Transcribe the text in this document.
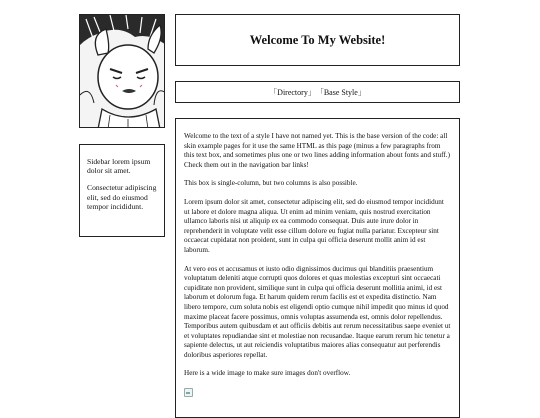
Sidebar lorem ipsum dolor sit amet.

Consectetur adipiscing elit, sed do eiusmod tempor incididunt.

Welcome To My Website!
「Directory」 「Base Style」

Welcome to the text of a style I have not named yet. This is the base version of the code: all skin example pages for it use the same HTML as this page (minus a few paragraphs from this text box, and sometimes plus one or two lines adding information about fonts and stuff.) Check them out in the navigation bar links!

This box is single-column, but two columns is also possible.

Lorem ipsum dolor sit amet, consectetur adipiscing elit, sed do eiusmod tempor incididunt ut labore et dolore magna aliqua. Ut enim ad minim veniam, quis nostrud exercitation ullamco laboris nisi ut aliquip ex ea commodo consequat. Duis aute irure dolor in reprehenderit in voluptate velit esse cillum dolore eu fugiat nulla pariatur. Excepteur sint occaecat cupidatat non proident, sunt in culpa qui officia deserunt mollit anim id est laborum.

At vero eos et accusamus et iusto odio dignissimos ducimus qui blanditiis praesentium voluptatum deleniti atque corrupti quos dolores et quas molestias excepturi sint occaecati cupiditate non provident, similique sunt in culpa qui officia deserunt mollitia animi, id est laborum et dolorum fuga. Et harum quidem rerum facilis est et expedita distinctio. Nam libero tempore, cum soluta nobis est eligendi optio cumque nihil impedit quo minus id quod maxime placeat facere possimus, omnis voluptas assumenda est, omnis dolor repellendus. Temporibus autem quibusdam et aut officiis debitis aut rerum necessitatibus saepe eveniet ut et voluptates repudiandae sint et molestiae non recusandae. Itaque earum rerum hic tenetur a sapiente delectus, ut aut reiciendis voluptatibus maiores alias consequatur aut perferendis doloribus asperiores repellat.

Here is a wide image to make sure images don't overflow.
